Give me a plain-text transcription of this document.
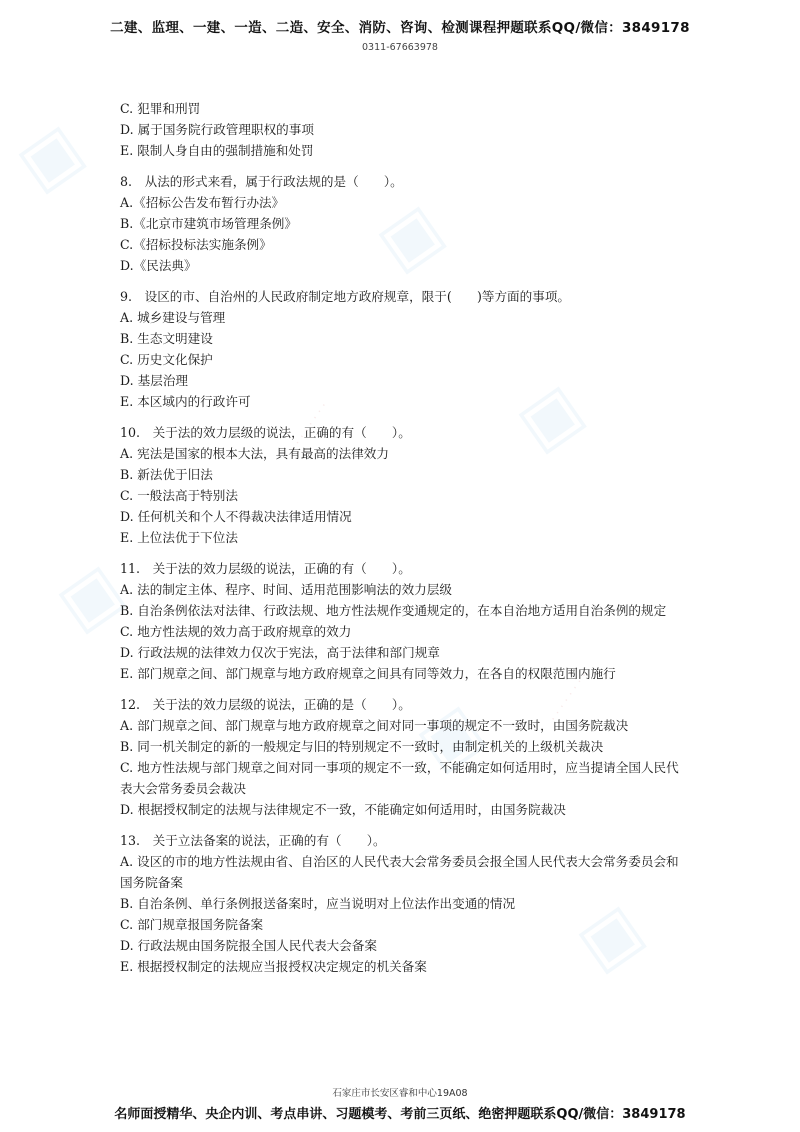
▣
▣
▣
▣
▣
▣
· · · · · · · ·
· · · · · · · ·
二建、监理、一建、一造、二造、安全、消防、咨询、检测课程押题联系QQ/微信：3849178
0311-67663978
C. 犯罪和刑罚
D. 属于国务院行政管理职权的事项
E. 限制人身自由的强制措施和处罚
8.　从法的形式来看，属于行政法规的是（　　）。
A.《招标公告发布暂行办法》
B.《北京市建筑市场管理条例》
C.《招标投标法实施条例》
D.《民法典》
9.　设区的市、自治州的人民政府制定地方政府规章，限于(　　)等方面的事项。
A. 城乡建设与管理
B. 生态文明建设
C. 历史文化保护
D. 基层治理
E. 本区域内的行政许可
10.　关于法的效力层级的说法，正确的有（　　）。
A. 宪法是国家的根本大法，具有最高的法律效力
B. 新法优于旧法
C. 一般法高于特别法
D. 任何机关和个人不得裁决法律适用情况
E. 上位法优于下位法
11.　关于法的效力层级的说法，正确的有（　　）。
A. 法的制定主体、程序、时间、适用范围影响法的效力层级
B. 自治条例依法对法律、行政法规、地方性法规作变通规定的，在本自治地方适用自治条例的规定
C. 地方性法规的效力高于政府规章的效力
D. 行政法规的法律效力仅次于宪法，高于法律和部门规章
E. 部门规章之间、部门规章与地方政府规章之间具有同等效力，在各自的权限范围内施行
12.　关于法的效力层级的说法，正确的是（　　）。
A. 部门规章之间、部门规章与地方政府规章之间对同一事项的规定不一致时，由国务院裁决
B. 同一机关制定的新的一般规定与旧的特别规定不一致时，由制定机关的上级机关裁决
C. 地方性法规与部门规章之间对同一事项的规定不一致，不能确定如何适用时，应当提请全国人民代表大会常务委员会裁决
D. 根据授权制定的法规与法律规定不一致，不能确定如何适用时，由国务院裁决
13.　关于立法备案的说法，正确的有（　　）。
A. 设区的市的地方性法规由省、自治区的人民代表大会常务委员会报全国人民代表大会常务委员会和国务院备案
B. 自治条例、单行条例报送备案时，应当说明对上位法作出变通的情况
C. 部门规章报国务院备案
D. 行政法规由国务院报全国人民代表大会备案
E. 根据授权制定的法规应当报授权决定规定的机关备案
石家庄市长安区睿和中心19A08
名师面授精华、央企内训、考点串讲、习题模考、考前三页纸、绝密押题联系QQ/微信：3849178
